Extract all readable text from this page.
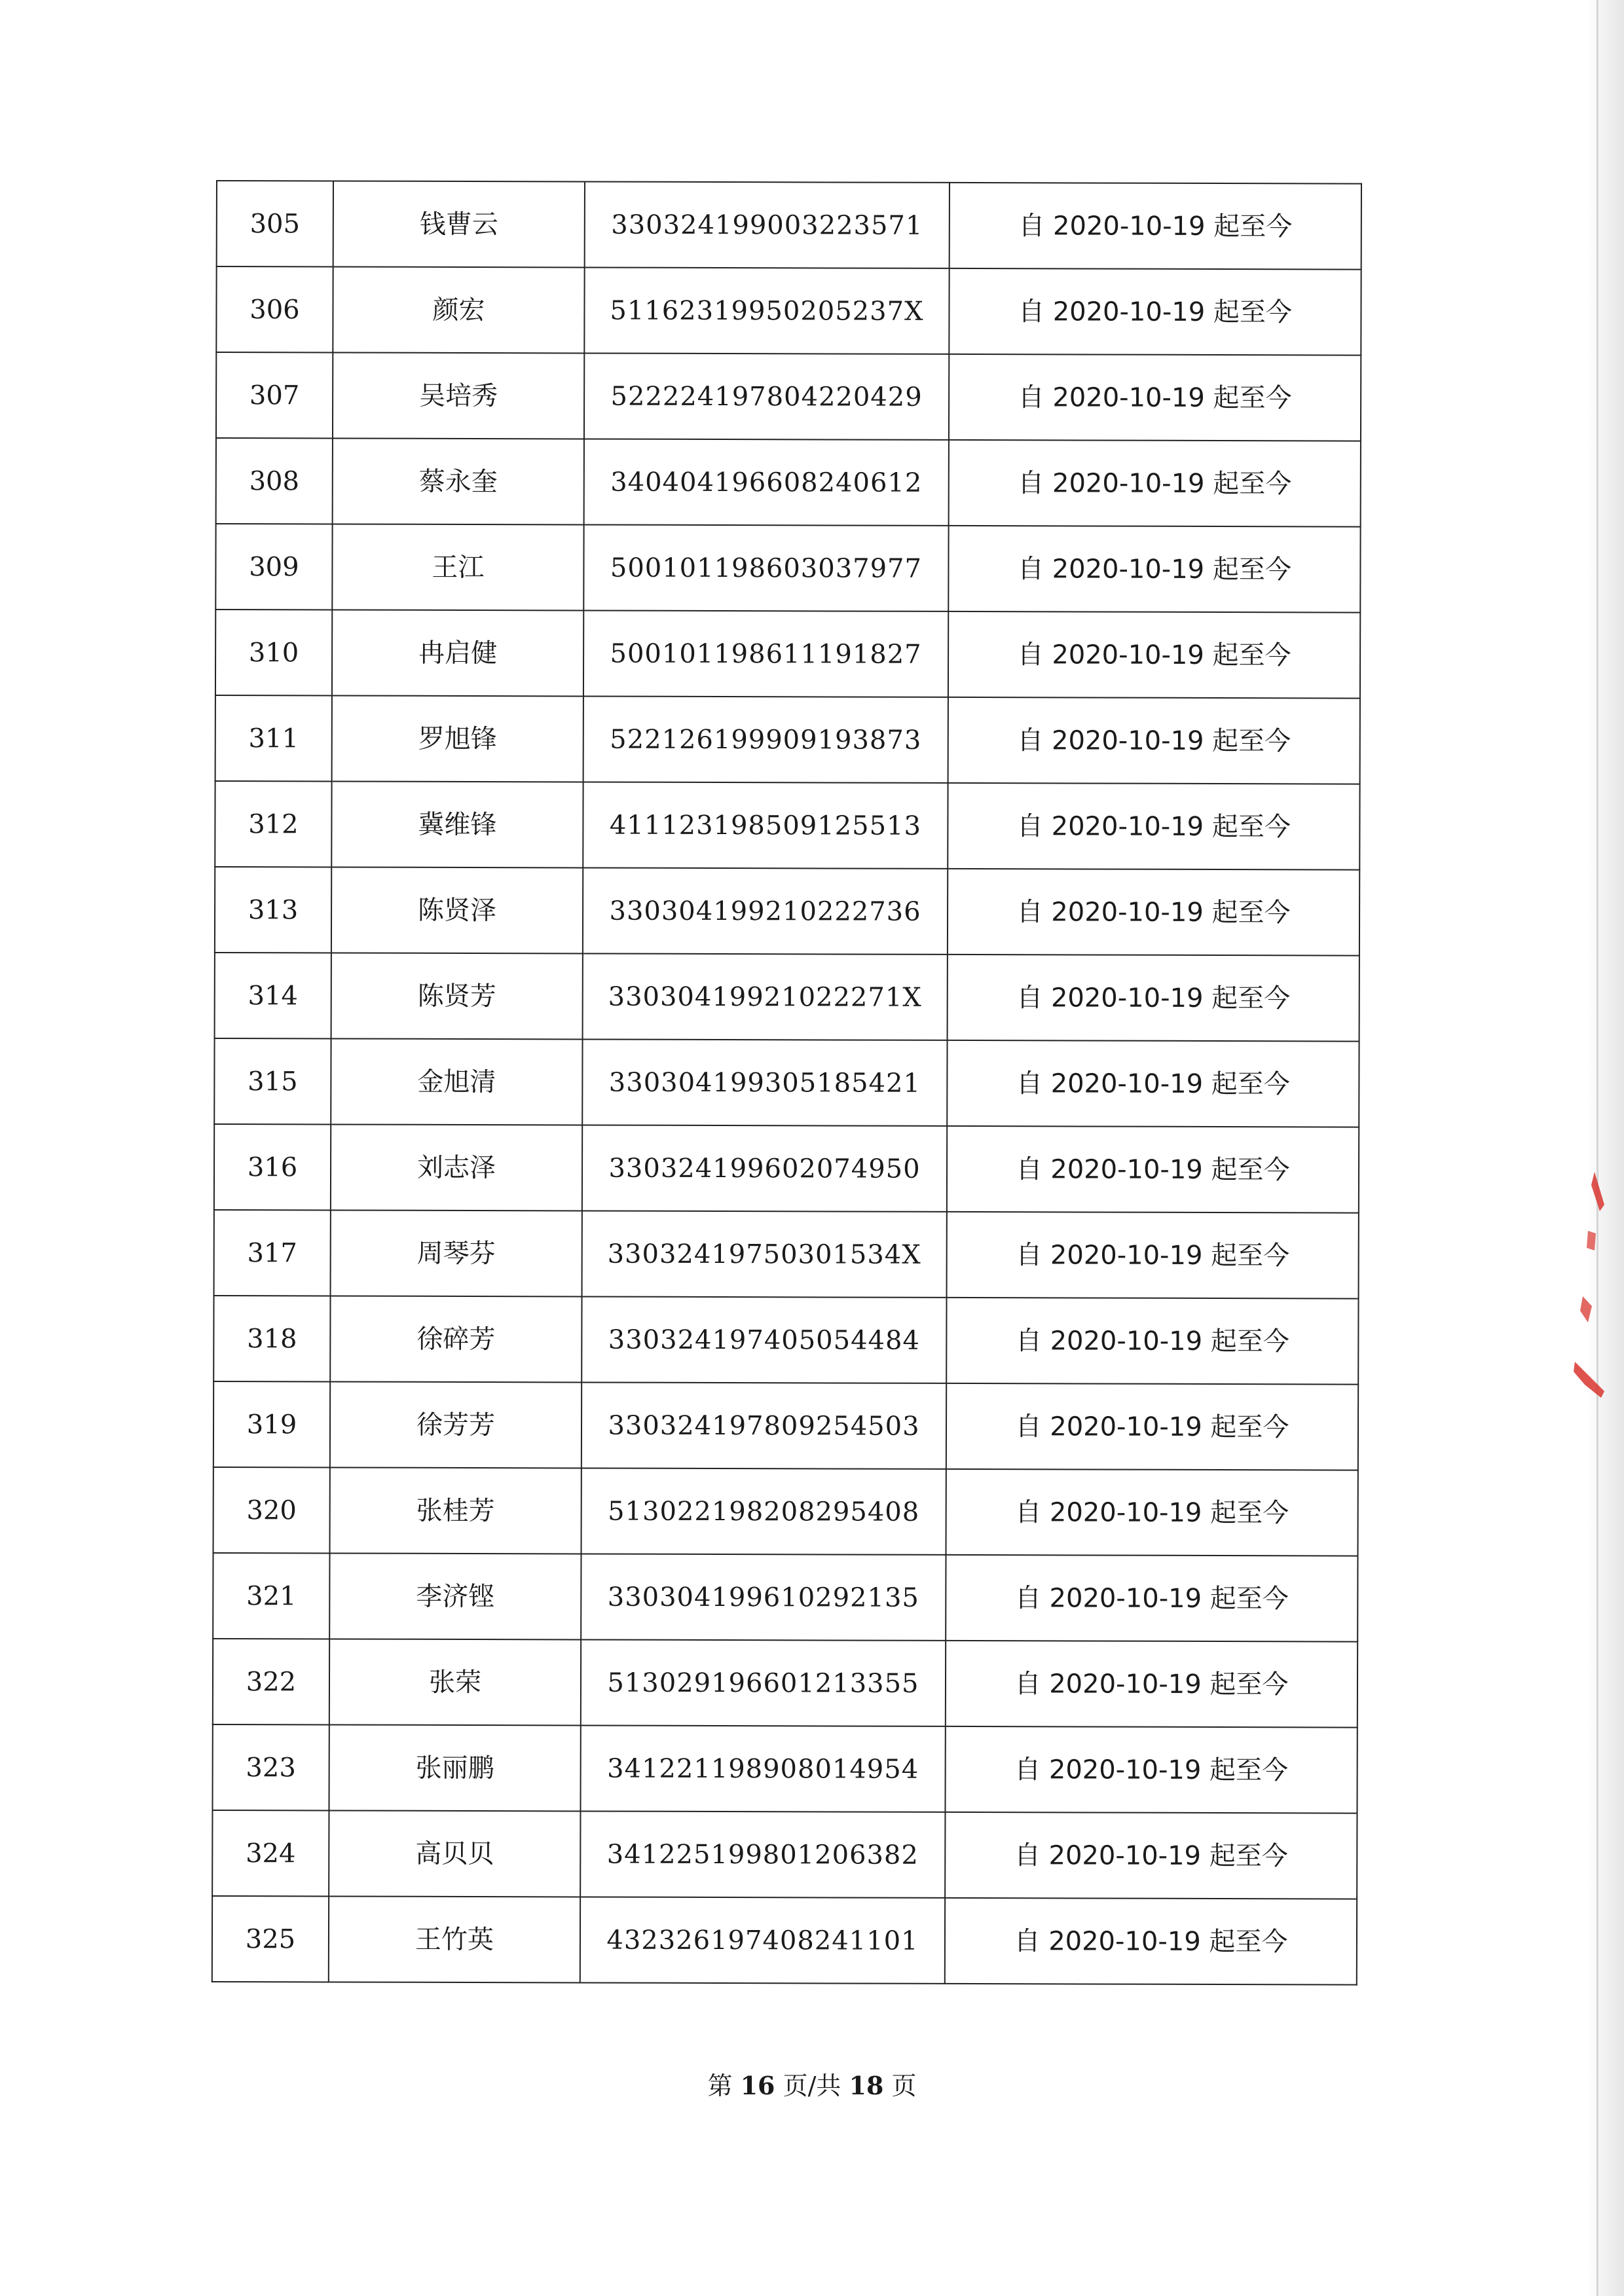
305	钱曹云	330324199003223571	自 2020-10-19 起至今
306	颜宏	51162319950205237X	自 2020-10-19 起至今
307	吴培秀	522224197804220429	自 2020-10-19 起至今
308	蔡永奎	340404196608240612	自 2020-10-19 起至今
309	王江	500101198603037977	自 2020-10-19 起至今
310	冉启健	500101198611191827	自 2020-10-19 起至今
311	罗旭锋	522126199909193873	自 2020-10-19 起至今
312	冀维锋	411123198509125513	自 2020-10-19 起至今
313	陈贤泽	330304199210222736	自 2020-10-19 起至今
314	陈贤芳	33030419921022271X	自 2020-10-19 起至今
315	金旭清	330304199305185421	自 2020-10-19 起至今
316	刘志泽	330324199602074950	自 2020-10-19 起至今
317	周琴芬	33032419750301534X	自 2020-10-19 起至今
318	徐碎芳	330324197405054484	自 2020-10-19 起至今
319	徐芳芳	330324197809254503	自 2020-10-19 起至今
320	张桂芳	513022198208295408	自 2020-10-19 起至今
321	李济铿	330304199610292135	自 2020-10-19 起至今
322	张荣	513029196601213355	自 2020-10-19 起至今
323	张丽鹏	341221198908014954	自 2020-10-19 起至今
324	高贝贝	341225199801206382	自 2020-10-19 起至今
325	王竹英	432326197408241101	自 2020-10-19 起至今
第 16 页/共 18 页
